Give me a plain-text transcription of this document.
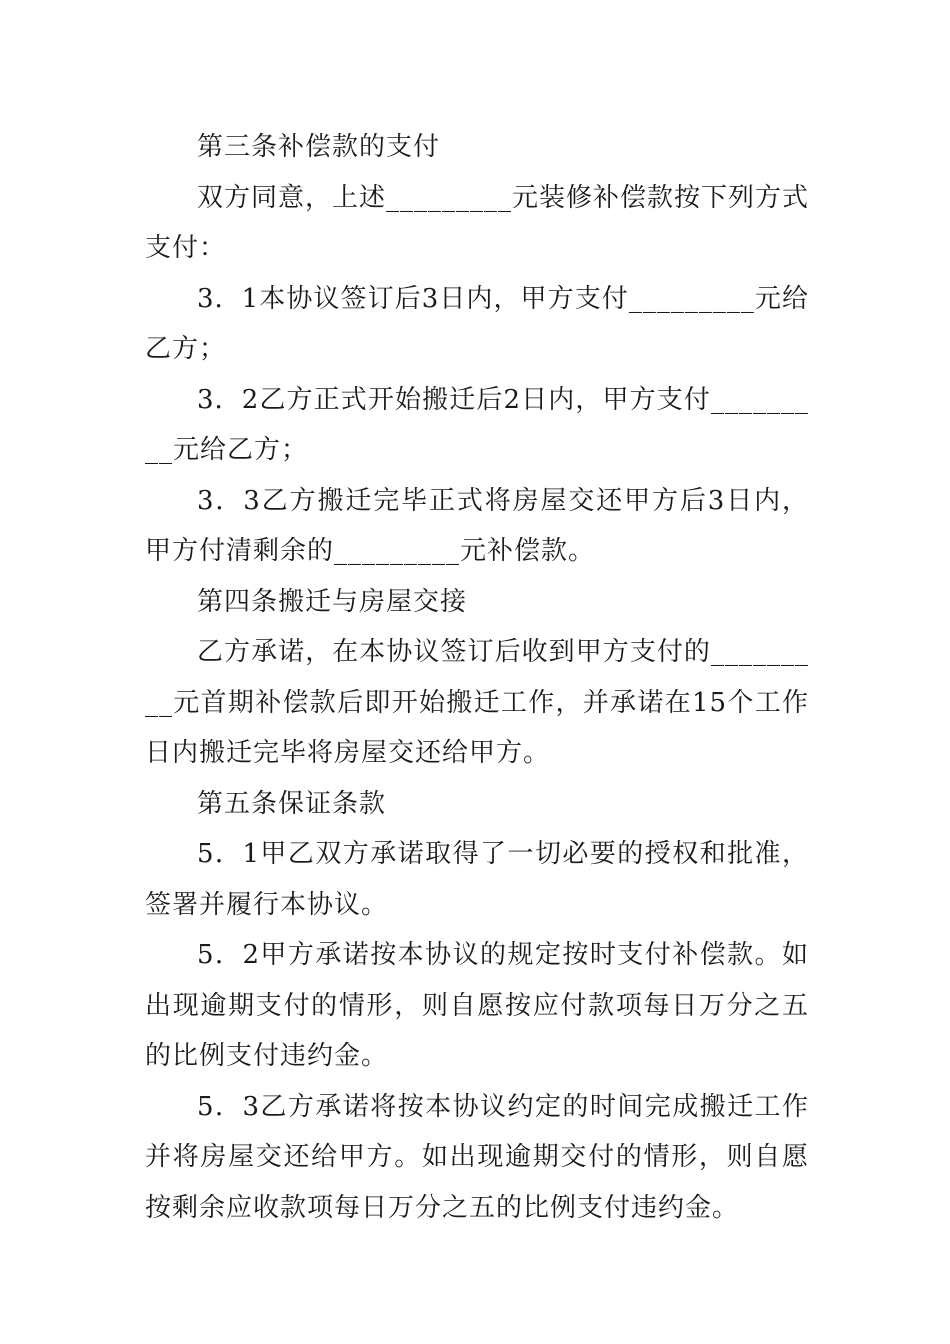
第三条补偿款的支付

双方同意，上述_________元装修补偿款按下列方式支付：

3．1本协议签订后3日内，甲方支付_________元给乙方；

3．2乙方正式开始搬迁后2日内，甲方支付_________元给乙方；

3．3乙方搬迁完毕正式将房屋交还甲方后3日内，甲方付清剩余的_________元补偿款。

第四条搬迁与房屋交接

乙方承诺，在本协议签订后收到甲方支付的_________元首期补偿款后即开始搬迁工作，并承诺在15个工作日内搬迁完毕将房屋交还给甲方。

第五条保证条款

5．1甲乙双方承诺取得了一切必要的授权和批准，签署并履行本协议。

5．2甲方承诺按本协议的规定按时支付补偿款。如出现逾期支付的情形，则自愿按应付款项每日万分之五的比例支付违约金。

5．3乙方承诺将按本协议约定的时间完成搬迁工作并将房屋交还给甲方。如出现逾期交付的情形，则自愿按剩余应收款项每日万分之五的比例支付违约金。
